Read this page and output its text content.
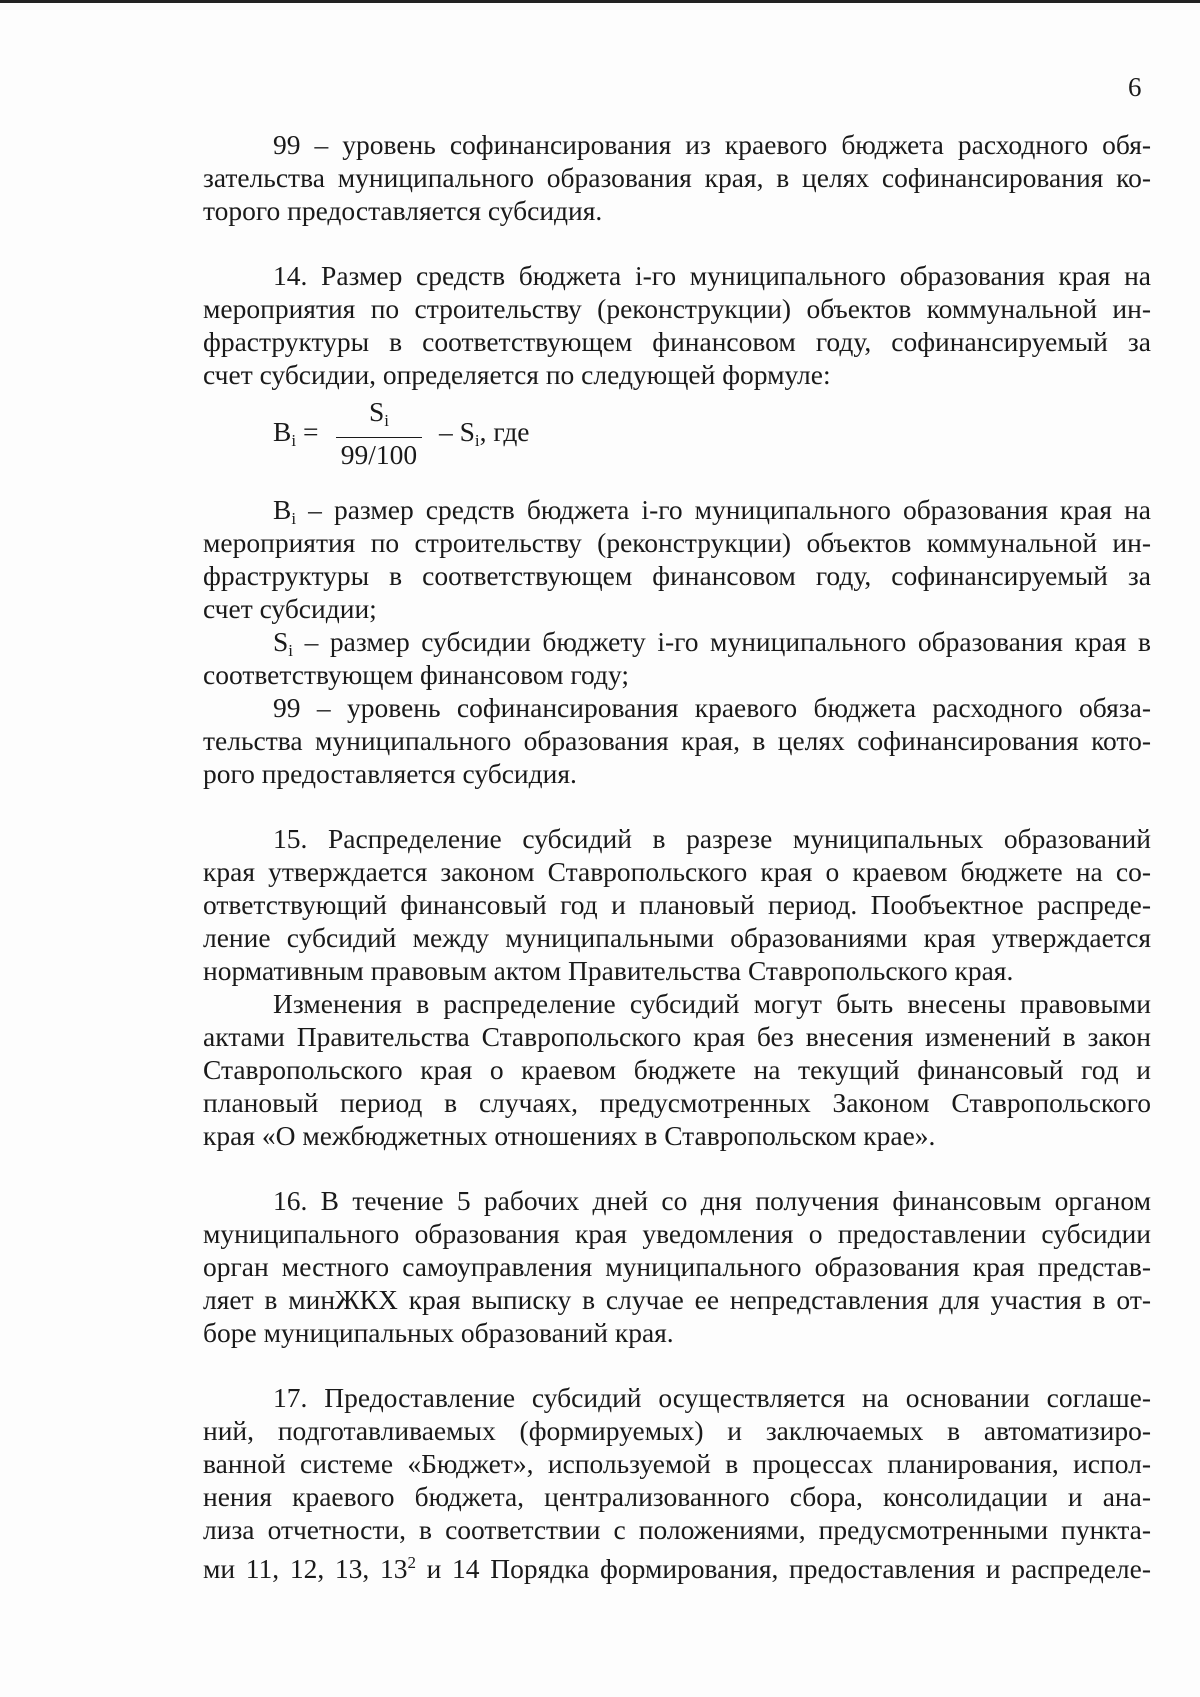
6
99 – уровень софинансирования из краевого бюджета расходного обя-
зательства муниципального образования края, в целях софинансирования ко-
торого предоставляется субсидия.
14. Размер средств бюджета i-го муниципального образования края на
мероприятия по строительству (реконструкции) объектов коммунальной ин-
фраструктуры в соответствующем финансовом году, софинансируемый за
счет субсидии, определяется по следующей формуле:
$B_i = \frac{S_i}{99/100} - S_i$, где
$B_i$ – размер средств бюджета i-го муниципального образования края на
мероприятия по строительству (реконструкции) объектов коммунальной ин-
фраструктуры в соответствующем финансовом году, софинансируемый за
счет субсидии;
$S_i$ – размер субсидии бюджету i-го муниципального образования края в
соответствующем финансовом году;
99 – уровень софинансирования краевого бюджета расходного обяза-
тельства муниципального образования края, в целях софинансирования кото-
рого предоставляется субсидия.
15. Распределение субсидий в разрезе муниципальных образований
края утверждается законом Ставропольского края о краевом бюджете на со-
ответствующий финансовый год и плановый период. Пообъектное распреде-
ление субсидий между муниципальными образованиями края утверждается
нормативным правовым актом Правительства Ставропольского края.
Изменения в распределение субсидий могут быть внесены правовыми
актами Правительства Ставропольского края без внесения изменений в закон
Ставропольского края о краевом бюджете на текущий финансовый год и
плановый период в случаях, предусмотренных Законом Ставропольского
края «О межбюджетных отношениях в Ставропольском крае».
16. В течение 5 рабочих дней со дня получения финансовым органом
муниципального образования края уведомления о предоставлении субсидии
орган местного самоуправления муниципального образования края представ-
ляет в минЖКХ края выписку в случае ее непредставления для участия в от-
боре муниципальных образований края.
17. Предоставление субсидий осуществляется на основании соглаше-
ний, подготавливаемых (формируемых) и заключаемых в автоматизиро-
ванной системе «Бюджет», используемой в процессах планирования, испол-
нения краевого бюджета, централизованного сбора, консолидации и ана-
лиза отчетности, в соответствии с положениями, предусмотренными пункта-
ми 11, 12, 13, $13^2$ и 14 Порядка формирования, предоставления и распределе-
